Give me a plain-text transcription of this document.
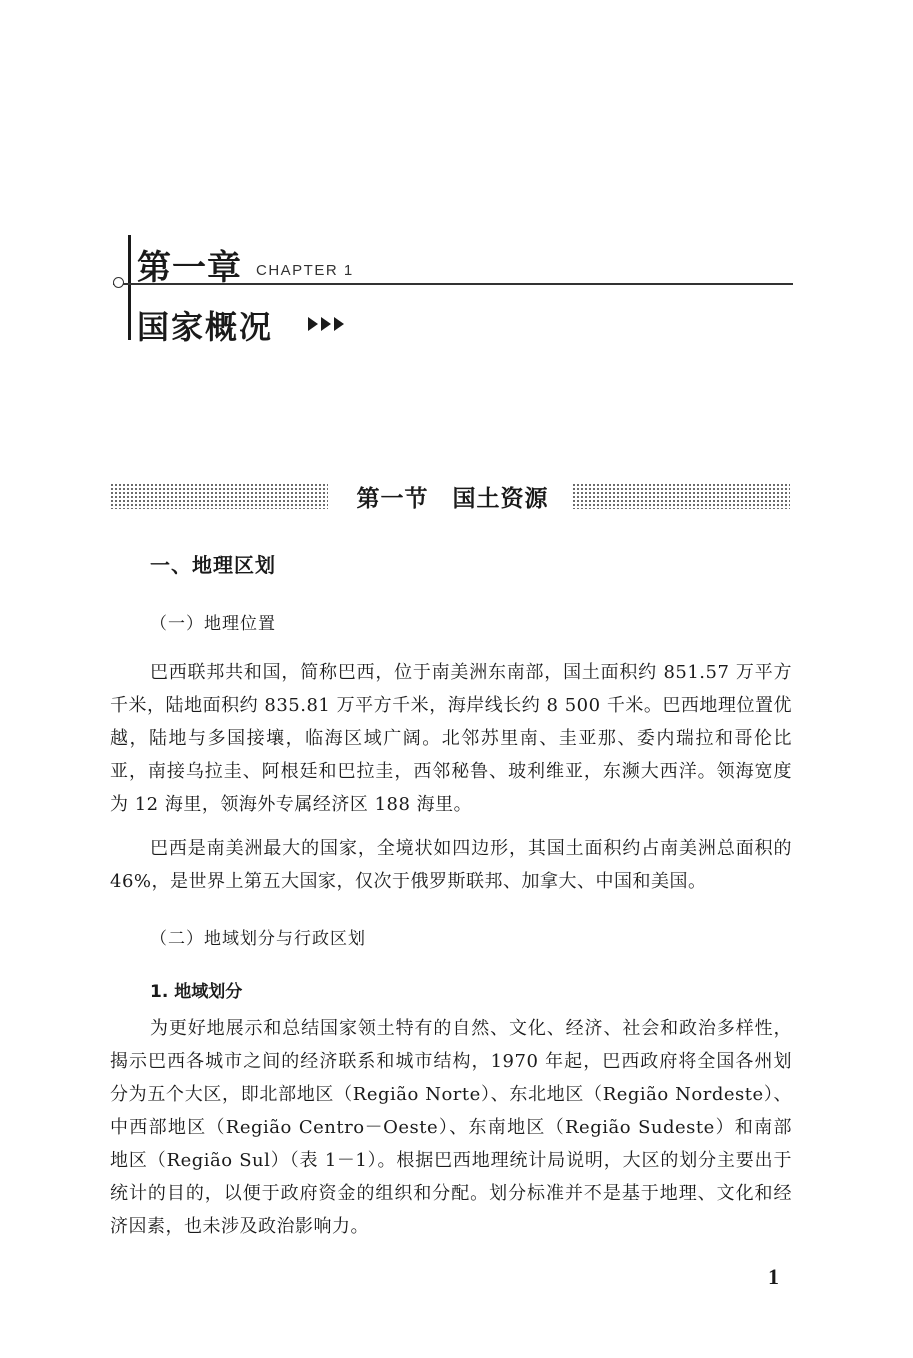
第一章 CHAPTER 1
国家概况
第一节　国土资源
一、地理区划
（一）地理位置
巴西联邦共和国，简称巴西，位于南美洲东南部，国土面积约 851.57 万平方千米，陆地面积约 835.81 万平方千米，海岸线长约 8 500 千米。巴西地理位置优越，陆地与多国接壤，临海区域广阔。北邻苏里南、圭亚那、委内瑞拉和哥伦比亚，南接乌拉圭、阿根廷和巴拉圭，西邻秘鲁、玻利维亚，东濒大西洋。领海宽度为 12 海里，领海外专属经济区 188 海里。
巴西是南美洲最大的国家，全境状如四边形，其国土面积约占南美洲总面积的 46%，是世界上第五大国家，仅次于俄罗斯联邦、加拿大、中国和美国。
（二）地域划分与行政区划
1. 地域划分
为更好地展示和总结国家领土特有的自然、文化、经济、社会和政治多样性，揭示巴西各城市之间的经济联系和城市结构，1970 年起，巴西政府将全国各州划分为五个大区，即北部地区（Região Norte）、东北地区（Região Nordeste）、中西部地区（Região Centro－Oeste）、东南地区（Região Sudeste）和南部地区（Região Sul）（表 1－1）。根据巴西地理统计局说明，大区的划分主要出于统计的目的，以便于政府资金的组织和分配。划分标准并不是基于地理、文化和经济因素，也未涉及政治影响力。
1
